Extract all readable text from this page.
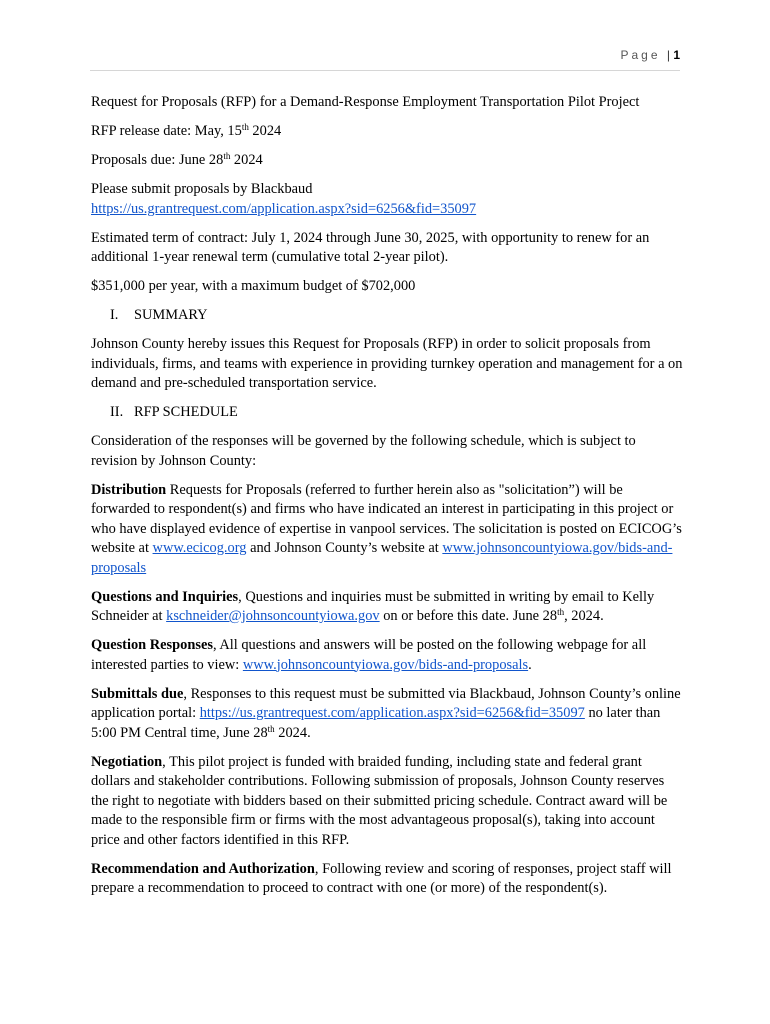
Page | 1

Request for Proposals (RFP) for a Demand-Response Employment Transportation Pilot Project

RFP release date: May, 15th 2024

Proposals due: June 28th 2024

Please submit proposals by Blackbaud
https://us.grantrequest.com/application.aspx?sid=6256&fid=35097

Estimated term of contract: July 1, 2024 through June 30, 2025, with opportunity to renew for an additional 1-year renewal term (cumulative total 2-year pilot).

$351,000 per year, with a maximum budget of $702,000

I. SUMMARY

Johnson County hereby issues this Request for Proposals (RFP) in order to solicit proposals from individuals, firms, and teams with experience in providing turnkey operation and management for a on demand and pre-scheduled transportation service.

II. RFP SCHEDULE

Consideration of the responses will be governed by the following schedule, which is subject to revision by Johnson County:

Distribution Requests for Proposals (referred to further herein also as "solicitation”) will be forwarded to respondent(s) and firms who have indicated an interest in participating in this project or who have displayed evidence of expertise in vanpool services. The solicitation is posted on ECICOG’s website at www.ecicog.org and Johnson County’s website at www.johnsoncountyiowa.gov/bids-and-proposals

Questions and Inquiries, Questions and inquiries must be submitted in writing by email to Kelly Schneider at kschneider@johnsoncountyiowa.gov on or before this date. June 28th, 2024.

Question Responses, All questions and answers will be posted on the following webpage for all interested parties to view: www.johnsoncountyiowa.gov/bids-and-proposals.

Submittals due, Responses to this request must be submitted via Blackbaud, Johnson County’s online application portal: https://us.grantrequest.com/application.aspx?sid=6256&fid=35097 no later than 5:00 PM Central time, June 28th 2024.

Negotiation, This pilot project is funded with braided funding, including state and federal grant dollars and stakeholder contributions. Following submission of proposals, Johnson County reserves the right to negotiate with bidders based on their submitted pricing schedule. Contract award will be made to the responsible firm or firms with the most advantageous proposal(s), taking into account price and other factors identified in this RFP.

Recommendation and Authorization, Following review and scoring of responses, project staff will prepare a recommendation to proceed to contract with one (or more) of the respondent(s).
